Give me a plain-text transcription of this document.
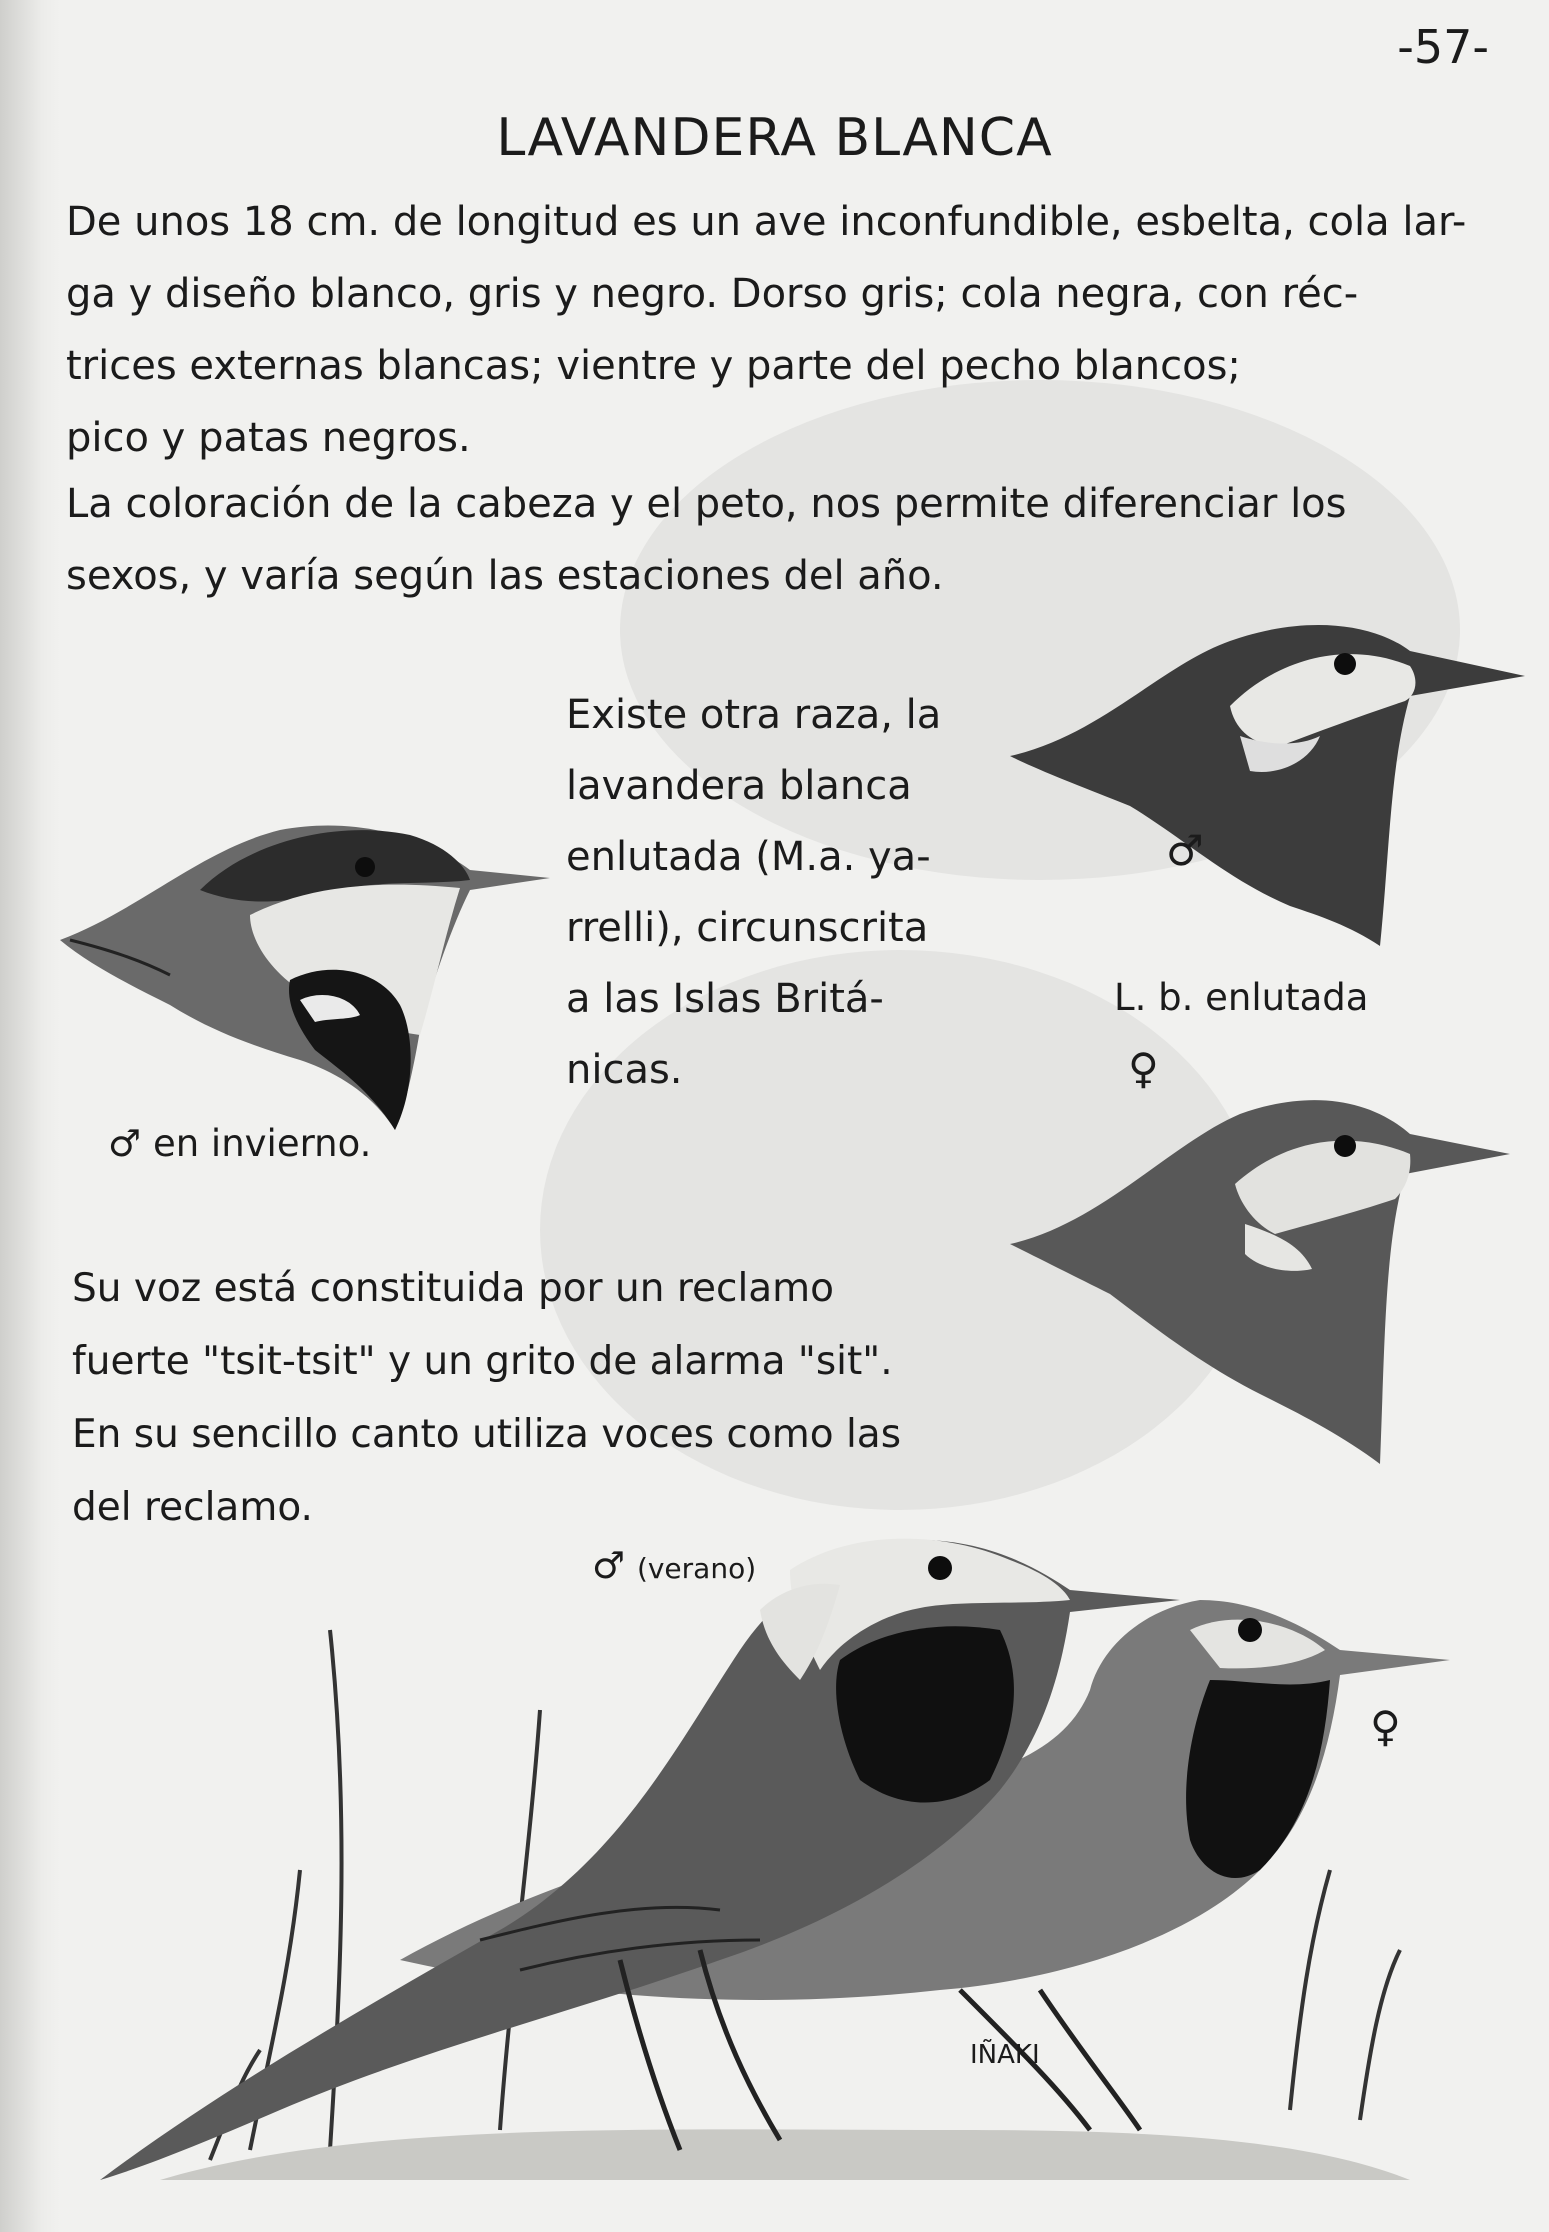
-57-
LAVANDERA BLANCA
De unos 18 cm. de longitud es un ave inconfundible, esbelta, cola lar-
ga y diseño blanco, gris y negro. Dorso gris; cola negra, con réc-
trices externas blancas; vientre y parte del pecho blancos;
pico y patas negros.
La coloración de la cabeza y el peto, nos permite diferenciar los
sexos, y varía según las estaciones del año.
Existe otra raza, la
lavandera blanca
enlutada (M.a. ya-
rrelli), circunscrita
a las Islas Britá-
nicas.
Su voz está constituida por un reclamo
fuerte "tsit-tsit" y un grito de alarma "sit".
En su sencillo canto utiliza voces como las
del reclamo.
♂ en invierno.
♂
L. b. enlutada
♀
♂ (verano)
♀
IÑAKI
